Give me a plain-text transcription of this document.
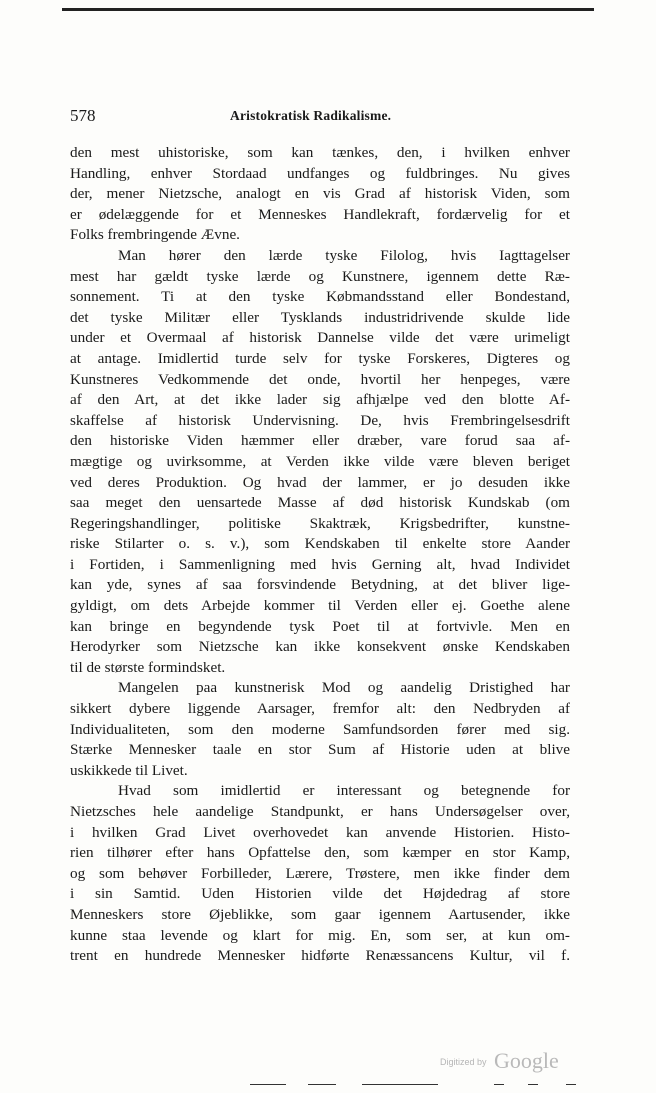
578	Aristokratisk Radikalisme.
den mest uhistoriske, som kan tænkes, den, i hvilken enhver
Handling, enhver Stordaad undfanges og fuldbringes. Nu gives
der, mener Nietzsche, analogt en vis Grad af historisk Viden, som
er ødelæggende for et Menneskes Handlekraft, fordærvelig for et
Folks frembringende Ævne.
Man hører den lærde tyske Filolog, hvis Iagttagelser
mest har gældt tyske lærde og Kunstnere, igennem dette Ræ-
sonnement. Ti at den tyske Købmandsstand eller Bondestand,
det tyske Militær eller Tysklands industridrivende skulde lide
under et Overmaal af historisk Dannelse vilde det være urimeligt
at antage. Imidlertid turde selv for tyske Forskeres, Digteres og
Kunstneres Vedkommende det onde, hvortil her henpeges, være
af den Art, at det ikke lader sig afhjælpe ved den blotte Af-
skaffelse af historisk Undervisning. De, hvis Frembringelsesdrift
den historiske Viden hæmmer eller dræber, vare forud saa af-
mægtige og uvirksomme, at Verden ikke vilde være bleven beriget
ved deres Produktion. Og hvad der lammer, er jo desuden ikke
saa meget den uensartede Masse af død historisk Kundskab (om
Regeringshandlinger, politiske Skaktræk, Krigsbedrifter, kunstne-
riske Stilarter o. s. v.), som Kendskaben til enkelte store Aander
i Fortiden, i Sammenligning med hvis Gerning alt, hvad Individet
kan yde, synes af saa forsvindende Betydning, at det bliver lige-
gyldigt, om dets Arbejde kommer til Verden eller ej. Goethe alene
kan bringe en begyndende tysk Poet til at fortvivle. Men en
Herodyrker som Nietzsche kan ikke konsekvent ønske Kendskaben
til de største formindsket.
Mangelen paa kunstnerisk Mod og aandelig Dristighed har
sikkert dybere liggende Aarsager, fremfor alt: den Nedbryden af
Individualiteten, som den moderne Samfundsorden fører med sig.
Stærke Mennesker taale en stor Sum af Historie uden at blive
uskikkede til Livet.
Hvad som imidlertid er interessant og betegnende for
Nietzsches hele aandelige Standpunkt, er hans Undersøgelser over,
i hvilken Grad Livet overhovedet kan anvende Historien. Histo-
rien tilhører efter hans Opfattelse den, som kæmper en stor Kamp,
og som behøver Forbilleder, Lærere, Trøstere, men ikke finder dem
i sin Samtid. Uden Historien vilde det Højdedrag af store
Menneskers store Øjeblikke, som gaar igennem Aartusender, ikke
kunne staa levende og klart for mig. En, som ser, at kun om-
trent en hundrede Mennesker hidførte Renæssancens Kultur, vil f.
Digitized by Google
